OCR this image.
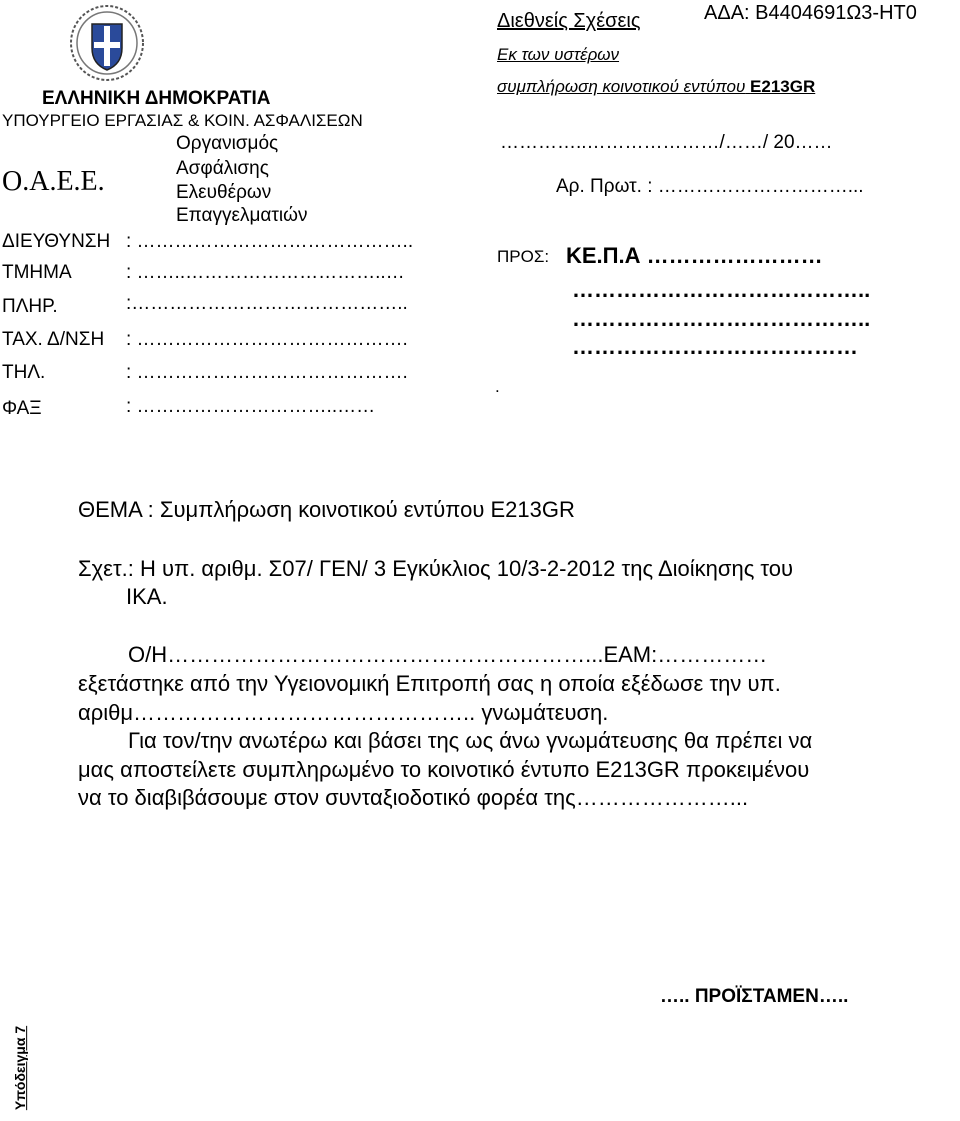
ΕΛΛΗΝΙΚΗ ΔΗΜΟΚΡΑΤΙΑ
ΥΠΟΥΡΓΕΙΟ ΕΡΓΑΣΙΑΣ & ΚΟΙΝ. ΑΣΦΑΛΙΣΕΩΝ
Ο.Α.Ε.Ε.
Οργανισμός
Ασφάλισης
Ελευθέρων
Επαγγελματιών
ΔΙΕΥΘΥΝΣΗ : ……………………………………..
ΤΜΗΜΑ	: ……..…………………………..…
ΠΛΗΡ.	:……………………………………..
ΤΑΧ. Δ/ΝΣΗ : …………………………………….
ΤΗΛ.	: …………………………………….
ΦΑΞ	: …………………………..……
Διεθνείς Σχέσεις	ΑΔΑ: Β4404691Ω3-ΗΤ0
Εκ των υστέρων
συμπλήρωση κοινοτικού εντύπου Ε213GR
…………..…………………/……/ 20……
Αρ. Πρωτ. : …………………………...
ΠΡΟΣ: ΚΕ.Π.Α ……………………
…………………………………..
…………………………………..
…………………………………
.
ΘΕΜΑ : Συμπλήρωση κοινοτικού εντύπου Ε213GR
Σχετ.: Η υπ. αριθμ. Σ07/ ΓΕΝ/ 3 Εγκύκλιος 10/3-2-2012 της Διοίκησης του
ΙΚΑ.
Ο/Η…………………………………………………...ΕΑΜ:……………
εξετάστηκε από την Υγειονομική Επιτροπή σας η οποία εξέδωσε την υπ.
αριθμ……………………………………….. γνωμάτευση.
Για τον/την ανωτέρω και βάσει της ως άνω γνωμάτευσης θα πρέπει να
μας αποστείλετε συμπληρωμένο το κοινοτικό έντυπο Ε213GR προκειμένου
να το διαβιβάσουμε στον συνταξιοδοτικό φορέα της…………………...
….. ΠΡΟΪΣΤΑΜΕΝ…..
Υπόδειγμα 7
